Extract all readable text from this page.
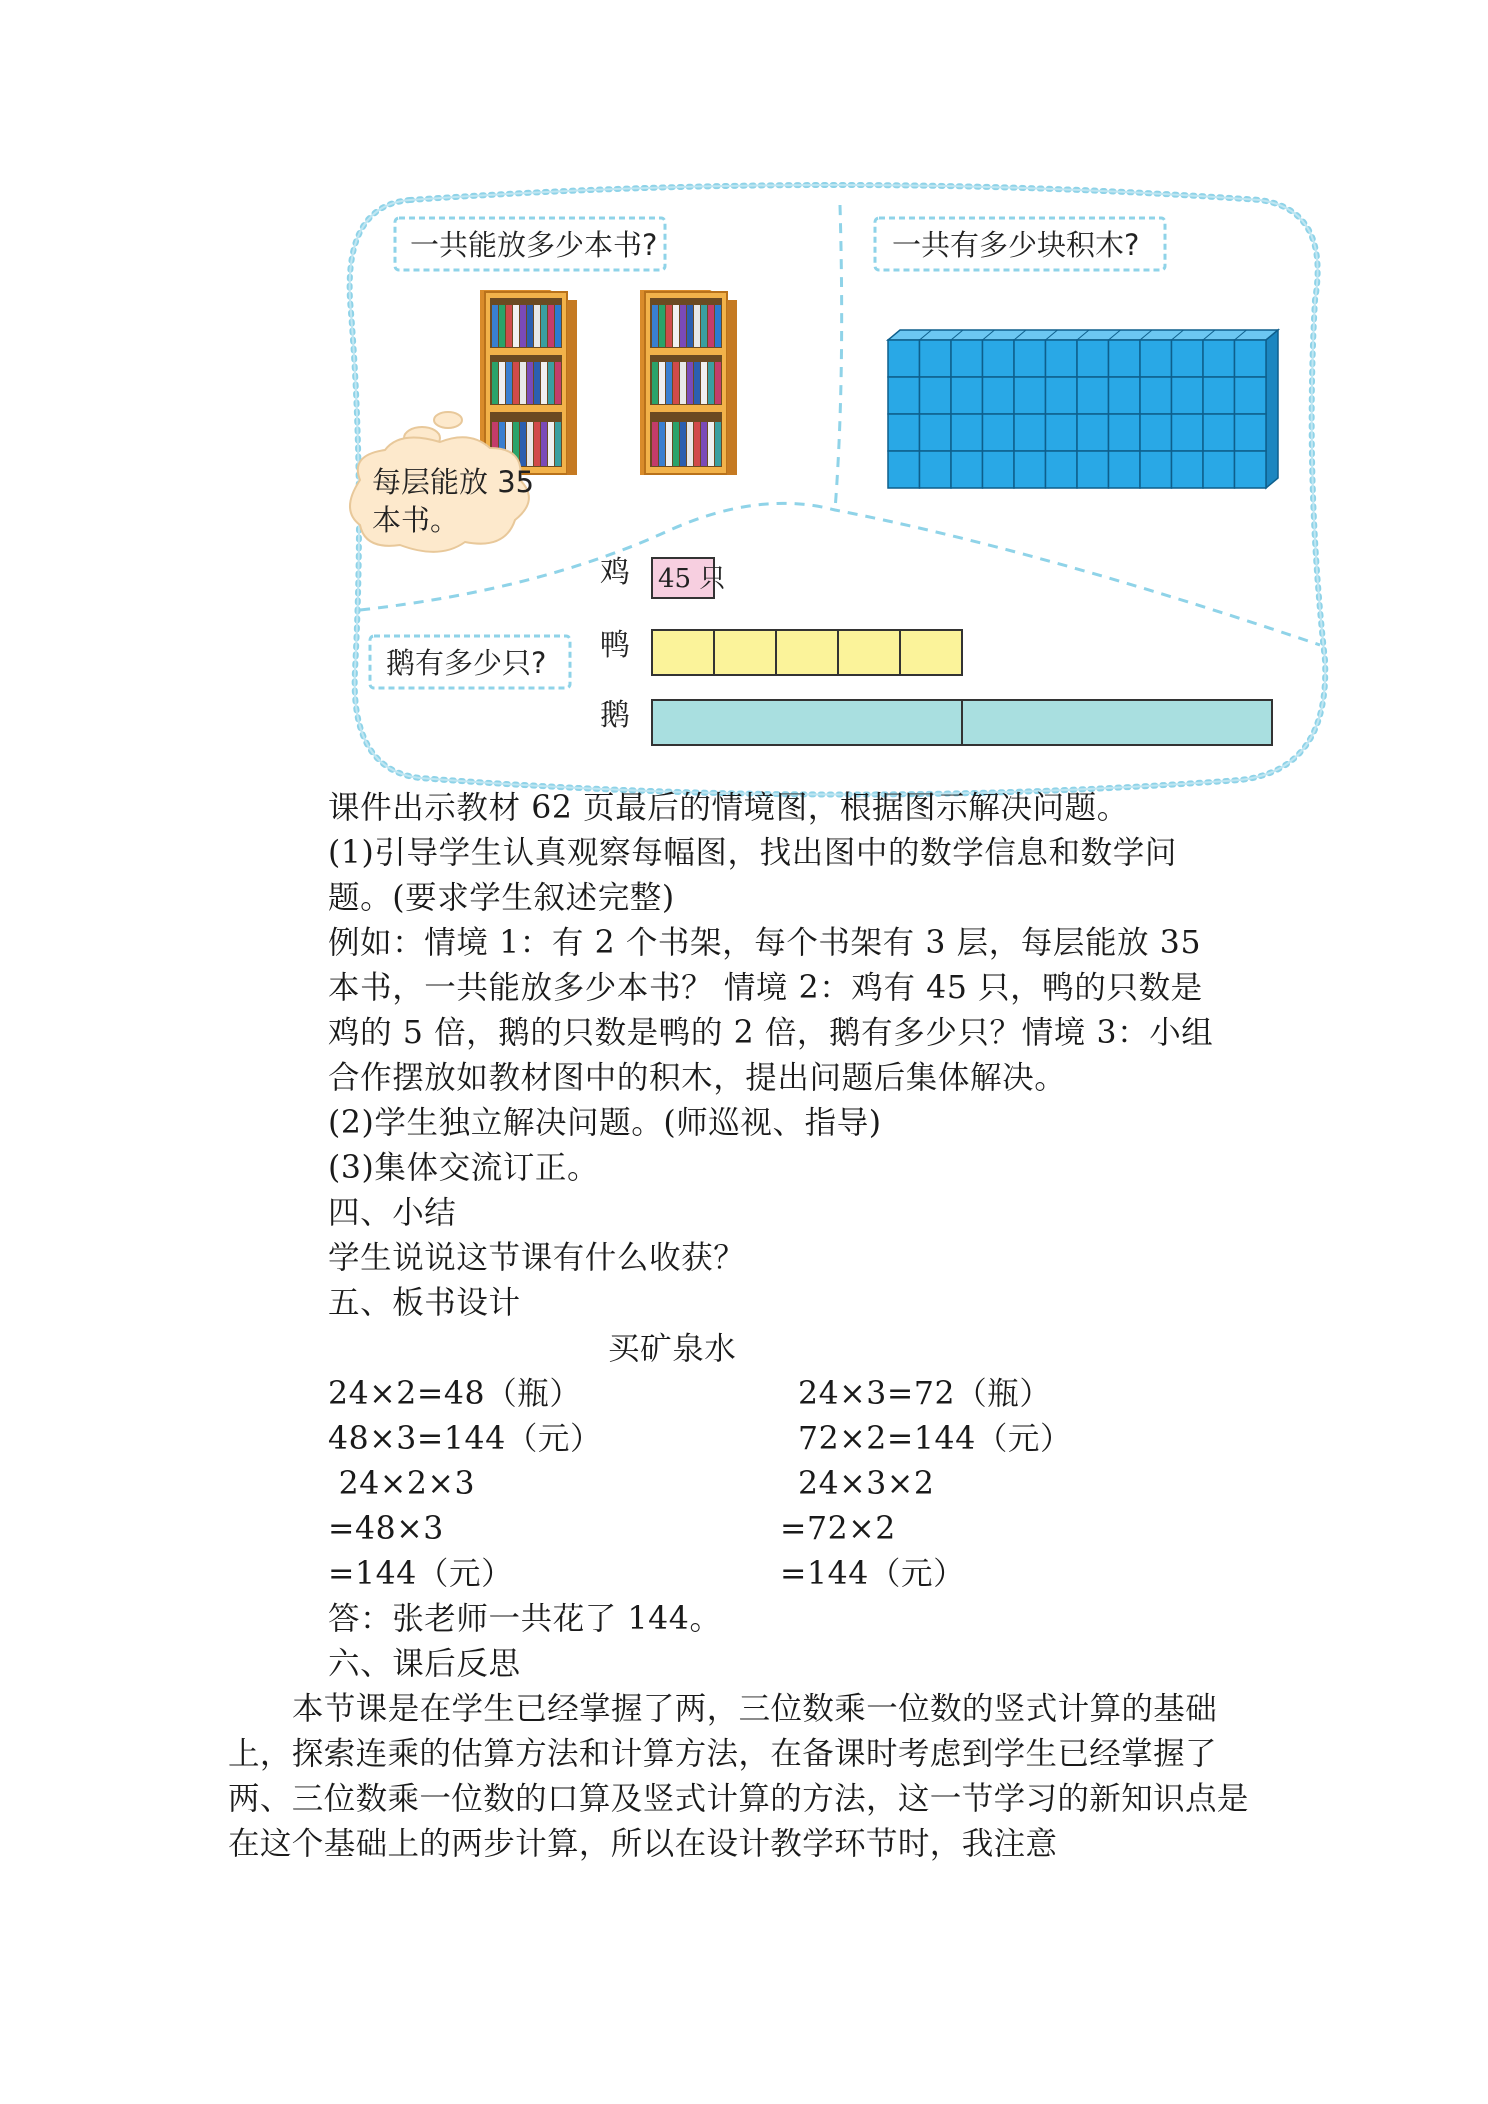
一共能放多少本书?	一共有多少块积木?
每层能放 35
本书。
鸡 45 只
鸭
鹅
鹅有多少只?
课件出示教材 62 页最后的情境图，根据图示解决问题。
(1)引导学生认真观察每幅图，找出图中的数学信息和数学问
题。(要求学生叙述完整)
例如：情境 1：有 2 个书架，每个书架有 3 层，每层能放 35
本书，一共能放多少本书？ 情境 2：鸡有 45 只，鸭的只数是
鸡的 5 倍，鹅的只数是鸭的 2 倍，鹅有多少只？情境 3：小组
合作摆放如教材图中的积木，提出问题后集体解决。
(2)学生独立解决问题。(师巡视、指导)
(3)集体交流订正。
四、小结
学生说说这节课有什么收获？
五、板书设计
买矿泉水
24×2=48（瓶）
48×3=144（元）
24×2×3
=48×3
=144（元）
24×3=72（瓶）
72×2=144（元）
24×3×2
=72×2
=144（元）
答：张老师一共花了 144。
六、课后反思
本节课是在学生已经掌握了两，三位数乘一位数的竖式计算的基础上，探索连乘的估算方法和计算方法，在备课时考虑到学生已经掌握了两、三位数乘一位数的口算及竖式计算的方法，这一节学习的新知识点是在这个基础上的两步计算，所以在设计教学环节时，我注意
